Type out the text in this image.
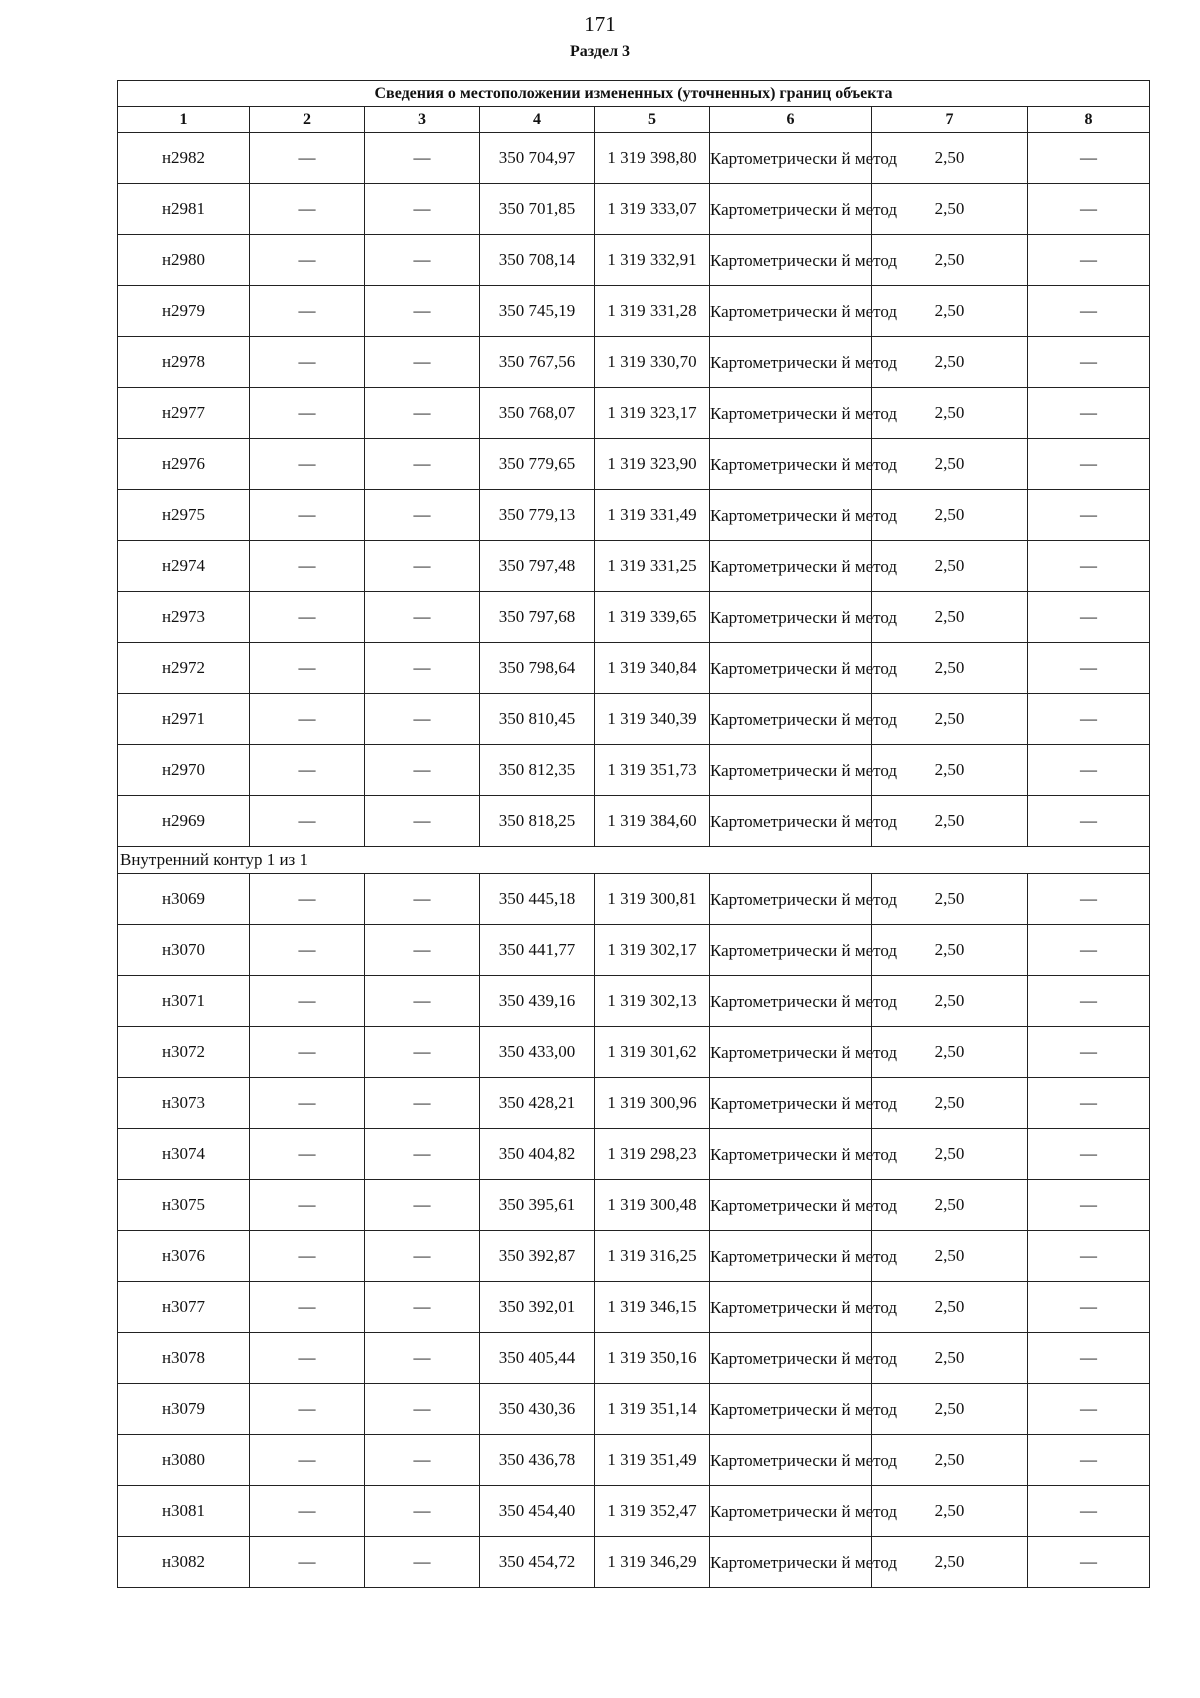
171
Раздел 3
Сведения о местоположении измененных (уточненных) границ объекта							
1	2	3	4	5	6	7	8
н2982	—	—	350 704,97	1 319 398,80	Картометрически й метод	2,50	—
н2981	—	—	350 701,85	1 319 333,07	Картометрически й метод	2,50	—
н2980	—	—	350 708,14	1 319 332,91	Картометрически й метод	2,50	—
н2979	—	—	350 745,19	1 319 331,28	Картометрически й метод	2,50	—
н2978	—	—	350 767,56	1 319 330,70	Картометрически й метод	2,50	—
н2977	—	—	350 768,07	1 319 323,17	Картометрически й метод	2,50	—
н2976	—	—	350 779,65	1 319 323,90	Картометрически й метод	2,50	—
н2975	—	—	350 779,13	1 319 331,49	Картометрически й метод	2,50	—
н2974	—	—	350 797,48	1 319 331,25	Картометрически й метод	2,50	—
н2973	—	—	350 797,68	1 319 339,65	Картометрически й метод	2,50	—
н2972	—	—	350 798,64	1 319 340,84	Картометрически й метод	2,50	—
н2971	—	—	350 810,45	1 319 340,39	Картометрически й метод	2,50	—
н2970	—	—	350 812,35	1 319 351,73	Картометрически й метод	2,50	—
н2969	—	—	350 818,25	1 319 384,60	Картометрически й метод	2,50	—
Внутренний контур 1 из 1							
н3069	—	—	350 445,18	1 319 300,81	Картометрически й метод	2,50	—
н3070	—	—	350 441,77	1 319 302,17	Картометрически й метод	2,50	—
н3071	—	—	350 439,16	1 319 302,13	Картометрически й метод	2,50	—
н3072	—	—	350 433,00	1 319 301,62	Картометрически й метод	2,50	—
н3073	—	—	350 428,21	1 319 300,96	Картометрически й метод	2,50	—
н3074	—	—	350 404,82	1 319 298,23	Картометрически й метод	2,50	—
н3075	—	—	350 395,61	1 319 300,48	Картометрически й метод	2,50	—
н3076	—	—	350 392,87	1 319 316,25	Картометрически й метод	2,50	—
н3077	—	—	350 392,01	1 319 346,15	Картометрически й метод	2,50	—
н3078	—	—	350 405,44	1 319 350,16	Картометрически й метод	2,50	—
н3079	—	—	350 430,36	1 319 351,14	Картометрически й метод	2,50	—
н3080	—	—	350 436,78	1 319 351,49	Картометрически й метод	2,50	—
н3081	—	—	350 454,40	1 319 352,47	Картометрически й метод	2,50	—
н3082	—	—	350 454,72	1 319 346,29	Картометрически й метод	2,50	—
